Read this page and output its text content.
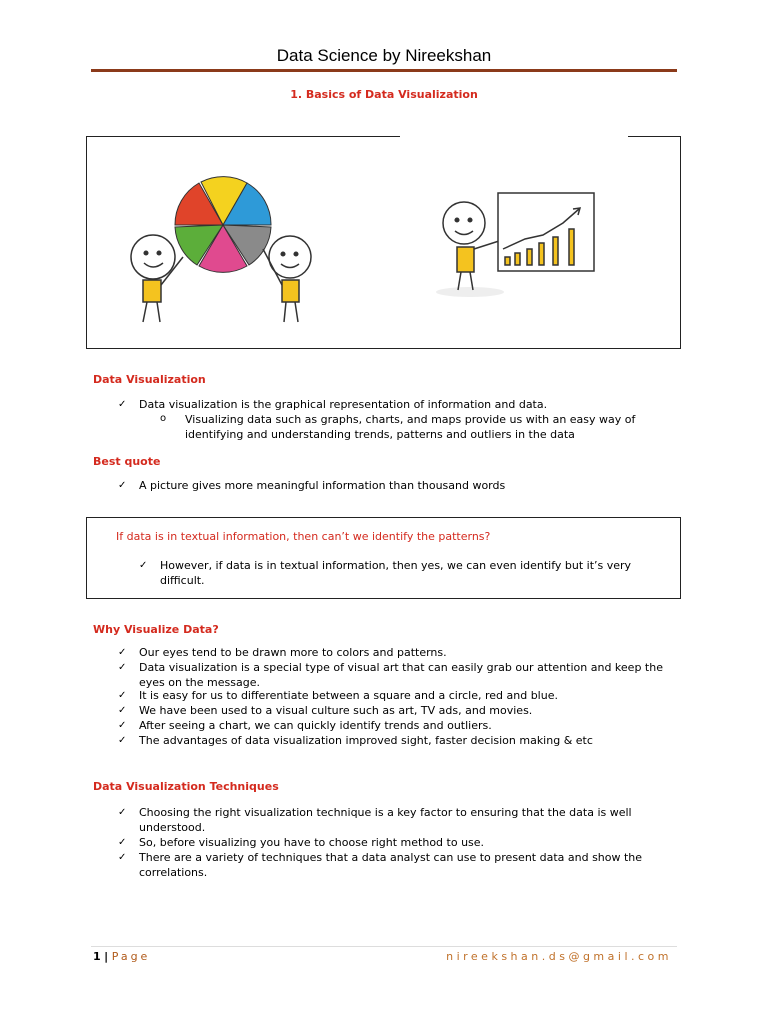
Data Science by Nireekshan
1. Basics of Data Visualization
Data Visualization
✓ Data visualization is the graphical representation of information and data.
o Visualizing data such as graphs, charts, and maps provide us with an easy way of identifying and understanding trends, patterns and outliers in the data
Best quote
✓ A picture gives more meaningful information than thousand words
If data is in textual information, then can’t we identify the patterns?
✓ However, if data is in textual information, then yes, we can even identify but it’s very difficult.
Why Visualize Data?
✓ Our eyes tend to be drawn more to colors and patterns.
✓ Data visualization is a special type of visual art that can easily grab our attention and keep the eyes on the message.
✓ It is easy for us to differentiate between a square and a circle, red and blue.
✓ We have been used to a visual culture such as art, TV ads, and movies.
✓ After seeing a chart, we can quickly identify trends and outliers.
✓ The advantages of data visualization improved sight, faster decision making & etc
Data Visualization Techniques
✓ Choosing the right visualization technique is a key factor to ensuring that the data is well understood.
✓ So, before visualizing you have to choose right method to use.
✓ There are a variety of techniques that a data analyst can use to present data and show the correlations.
1 | Page	nireekshan.ds@gmail.com
